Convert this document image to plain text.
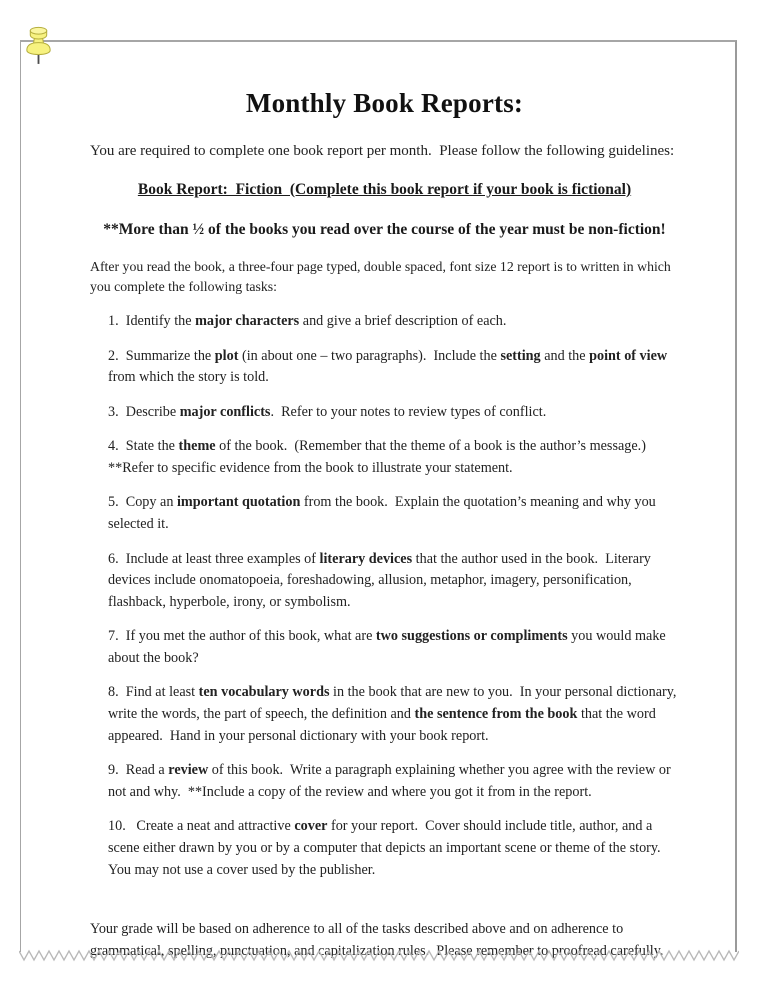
Monthly Book Reports:

You are required to complete one book report per month.  Please follow the following guidelines:

Book Report:  Fiction  (Complete this book report if your book is fictional)
**More than ½ of the books you read over the course of the year must be non-fiction!

After you read the book, a three-four page typed, double spaced, font size 12 report is to written in which you complete the following tasks:

1.  Identify the major characters and give a brief description of each.
2.  Summarize the plot (in about one – two paragraphs).  Include the setting and the point of view from which the story is told.
3.  Describe major conflicts.  Refer to your notes to review types of conflict.
4.  State the theme of the book.  (Remember that the theme of a book is the author’s message.)  **Refer to specific evidence from the book to illustrate your statement.
5.  Copy an important quotation from the book.  Explain the quotation’s meaning and why you selected it.
6.  Include at least three examples of literary devices that the author used in the book.  Literary devices include onomatopoeia, foreshadowing, allusion, metaphor, imagery, personification, flashback, hyperbole, irony, or symbolism.
7.  If you met the author of this book, what are two suggestions or compliments you would make about the book?
8.  Find at least ten vocabulary words in the book that are new to you.  In your personal dictionary, write the words, the part of speech, the definition and the sentence from the book that the word appeared.  Hand in your personal dictionary with your book report.
9.  Read a review of this book.  Write a paragraph explaining whether you agree with the review or not and why.  **Include a copy of the review and where you got it from in the report.
10.   Create a neat and attractive cover for your report.  Cover should include title, author, and a scene either drawn by you or by a computer that depicts an important scene or theme of the story.  You may not use a cover used by the publisher.

Your grade will be based on adherence to all of the tasks described above and on adherence to grammatical, spelling, punctuation, and capitalization rules.  Please remember to proofread carefully.
